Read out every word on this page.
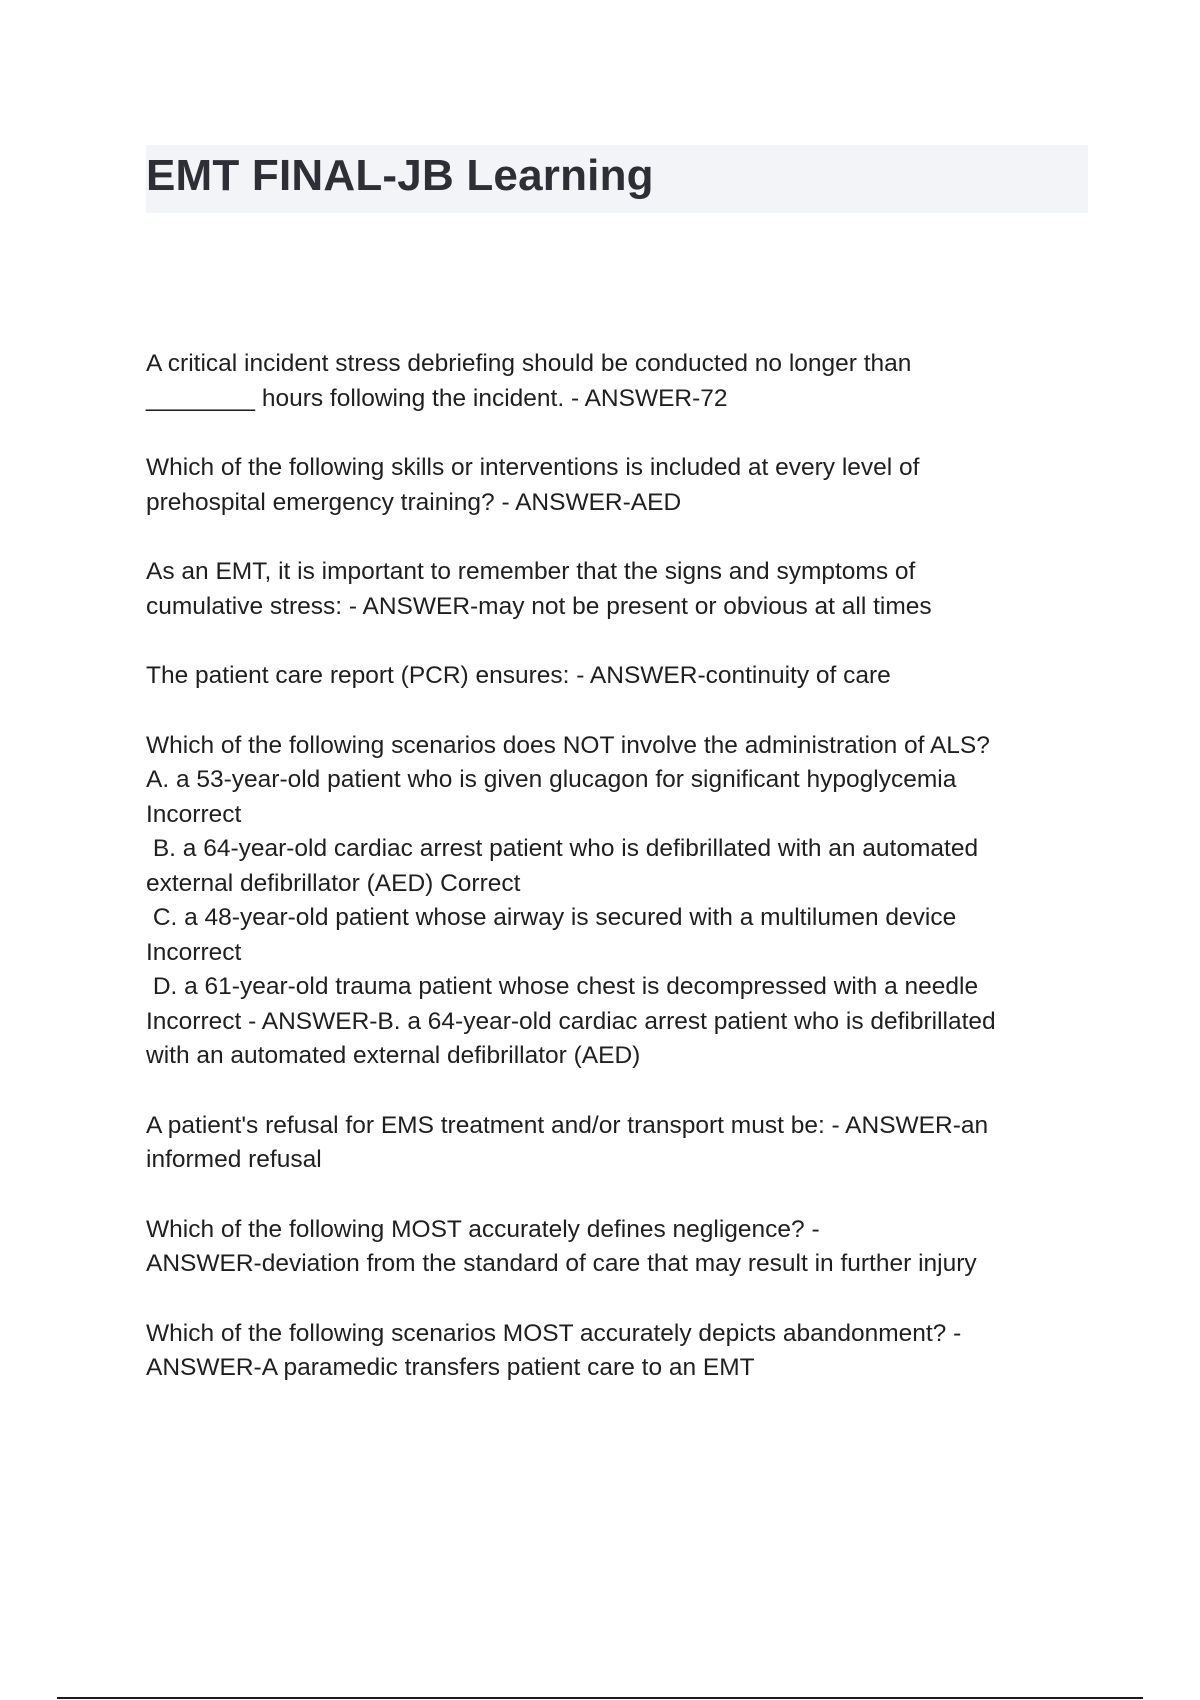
EMT FINAL-JB Learning

A critical incident stress debriefing should be conducted no longer than
________ hours following the incident. - ANSWER-72

Which of the following skills or interventions is included at every level of
prehospital emergency training? - ANSWER-AED

As an EMT, it is important to remember that the signs and symptoms of
cumulative stress: - ANSWER-may not be present or obvious at all times

The patient care report (PCR) ensures: - ANSWER-continuity of care

Which of the following scenarios does NOT involve the administration of ALS?
A. a 53-year-old patient who is given glucagon for significant hypoglycemia
Incorrect
B. a 64-year-old cardiac arrest patient who is defibrillated with an automated
external defibrillator (AED) Correct
C. a 48-year-old patient whose airway is secured with a multilumen device
Incorrect
D. a 61-year-old trauma patient whose chest is decompressed with a needle
Incorrect - ANSWER-B. a 64-year-old cardiac arrest patient who is defibrillated
with an automated external defibrillator (AED)

A patient's refusal for EMS treatment and/or transport must be: - ANSWER-an
informed refusal

Which of the following MOST accurately defines negligence? -
ANSWER-deviation from the standard of care that may result in further injury

Which of the following scenarios MOST accurately depicts abandonment? -
ANSWER-A paramedic transfers patient care to an EMT
